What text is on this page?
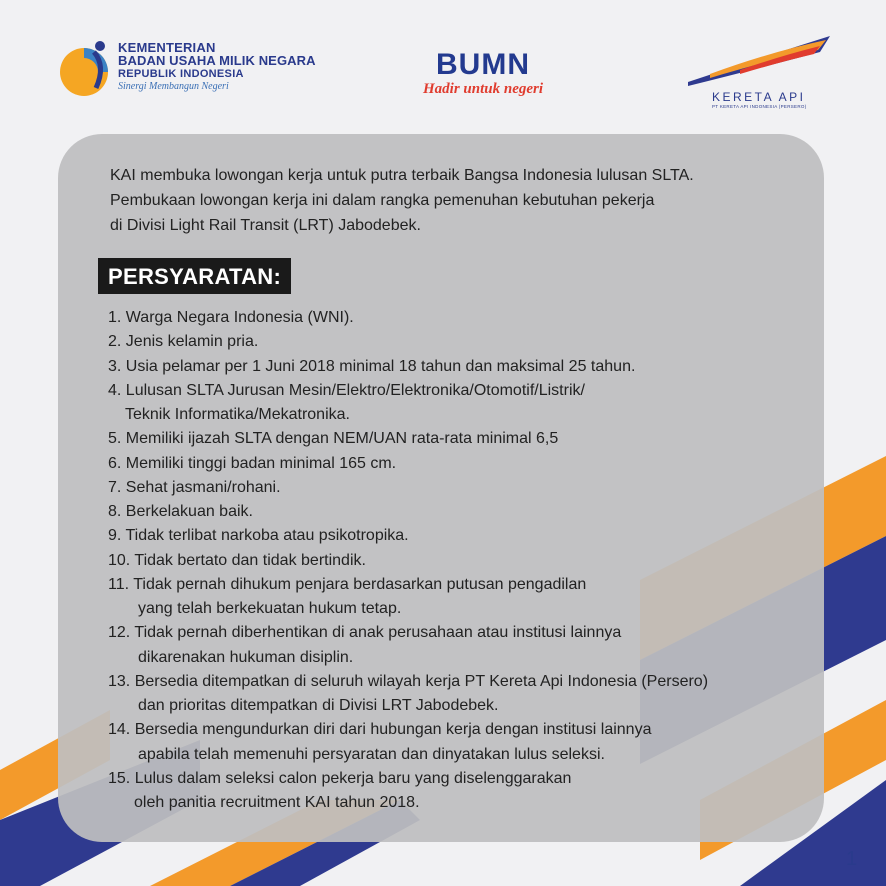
KEMENTERIAN
BADAN USAHA MILIK NEGARA
REPUBLIK INDONESIA
Sinergi Membangun Negeri
BUMN
Hadir untuk negeri	KERETA API
PT KERETA API INDONESIA (PERSERO)
KAI membuka lowongan kerja untuk putra terbaik Bangsa Indonesia lulusan SLTA.
Pembukaan lowongan kerja ini dalam rangka pemenuhan kebutuhan pekerja
di Divisi Light Rail Transit (LRT) Jabodebek.
PERSYARATAN:
1. Warga Negara Indonesia (WNI).
2. Jenis kelamin pria.
3. Usia pelamar per 1 Juni 2018 minimal 18 tahun dan maksimal 25 tahun.
4. Lulusan SLTA Jurusan Mesin/Elektro/Elektronika/Otomotif/Listrik/
Teknik Informatika/Mekatronika.
5. Memiliki ijazah SLTA dengan NEM/UAN rata-rata minimal 6,5
6. Memiliki tinggi badan minimal 165 cm.
7. Sehat jasmani/rohani.
8. Berkelakuan baik.
9. Tidak terlibat narkoba atau psikotropika.
10. Tidak bertato dan tidak bertindik.
11. Tidak pernah dihukum penjara berdasarkan putusan pengadilan
yang telah berkekuatan hukum tetap.
12. Tidak pernah diberhentikan di anak perusahaan atau institusi lainnya
dikarenakan hukuman disiplin.
13. Bersedia ditempatkan di seluruh wilayah kerja PT Kereta Api Indonesia (Persero)
dan prioritas ditempatkan di Divisi LRT Jabodebek.
14. Bersedia mengundurkan diri dari hubungan kerja dengan institusi lainnya
apabila telah memenuhi persyaratan dan dinyatakan lulus seleksi.
15. Lulus dalam seleksi calon pekerja baru yang diselenggarakan
oleh panitia recruitment KAI tahun 2018.
1
